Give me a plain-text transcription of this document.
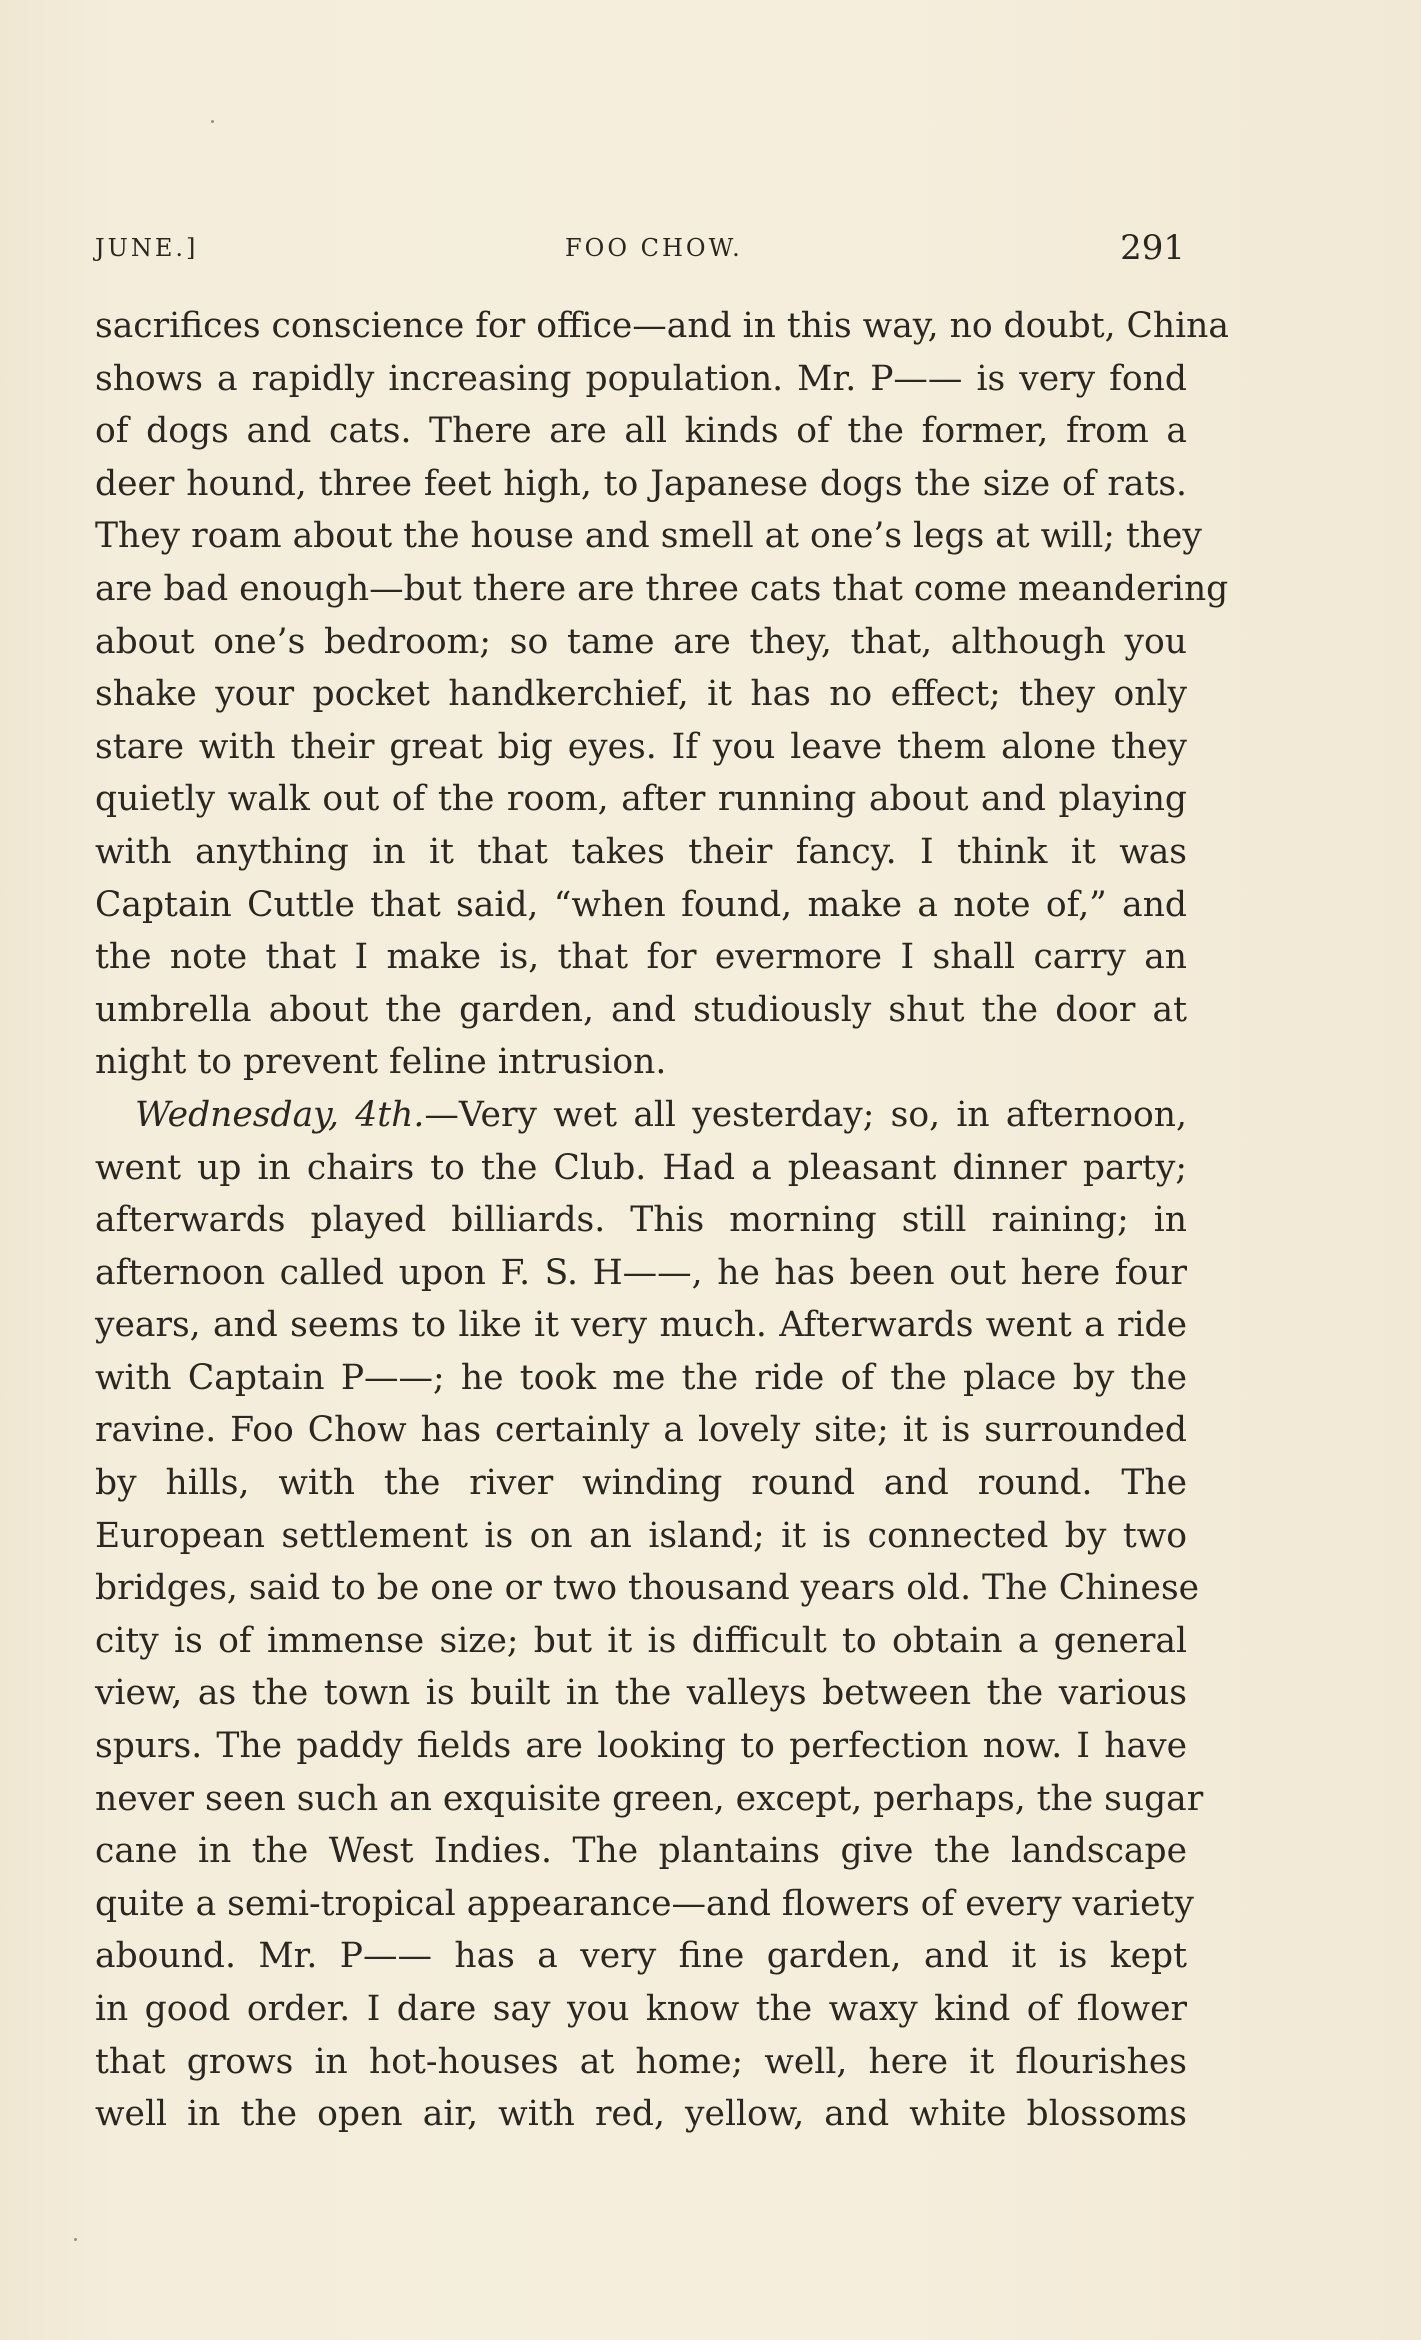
JUNE.]	FOO CHOW.	291
sacrifices conscience for office—and in this way, no doubt, China
shows a rapidly increasing population. Mr. P—— is very fond
of dogs and cats. There are all kinds of the former, from a
deer hound, three feet high, to Japanese dogs the size of rats.
They roam about the house and smell at one’s legs at will; they
are bad enough—but there are three cats that come meandering
about one’s bedroom; so tame are they, that, although you
shake your pocket handkerchief, it has no effect; they only
stare with their great big eyes. If you leave them alone they
quietly walk out of the room, after running about and playing
with anything in it that takes their fancy. I think it was
Captain Cuttle that said, “when found, make a note of,” and
the note that I make is, that for evermore I shall carry an
umbrella about the garden, and studiously shut the door at
night to prevent feline intrusion.
Wednesday, 4th.—Very wet all yesterday; so, in afternoon,
went up in chairs to the Club. Had a pleasant dinner party;
afterwards played billiards. This morning still raining; in
afternoon called upon F. S. H——, he has been out here four
years, and seems to like it very much. Afterwards went a ride
with Captain P——; he took me the ride of the place by the
ravine. Foo Chow has certainly a lovely site; it is surrounded
by hills, with the river winding round and round. The
European settlement is on an island; it is connected by two
bridges, said to be one or two thousand years old. The Chinese
city is of immense size; but it is difficult to obtain a general
view, as the town is built in the valleys between the various
spurs. The paddy fields are looking to perfection now. I have
never seen such an exquisite green, except, perhaps, the sugar
cane in the West Indies. The plantains give the landscape
quite a semi-tropical appearance—and flowers of every variety
abound. Mr. P—— has a very fine garden, and it is kept
in good order. I dare say you know the waxy kind of flower
that grows in hot-houses at home; well, here it flourishes
well in the open air, with red, yellow, and white blossoms
